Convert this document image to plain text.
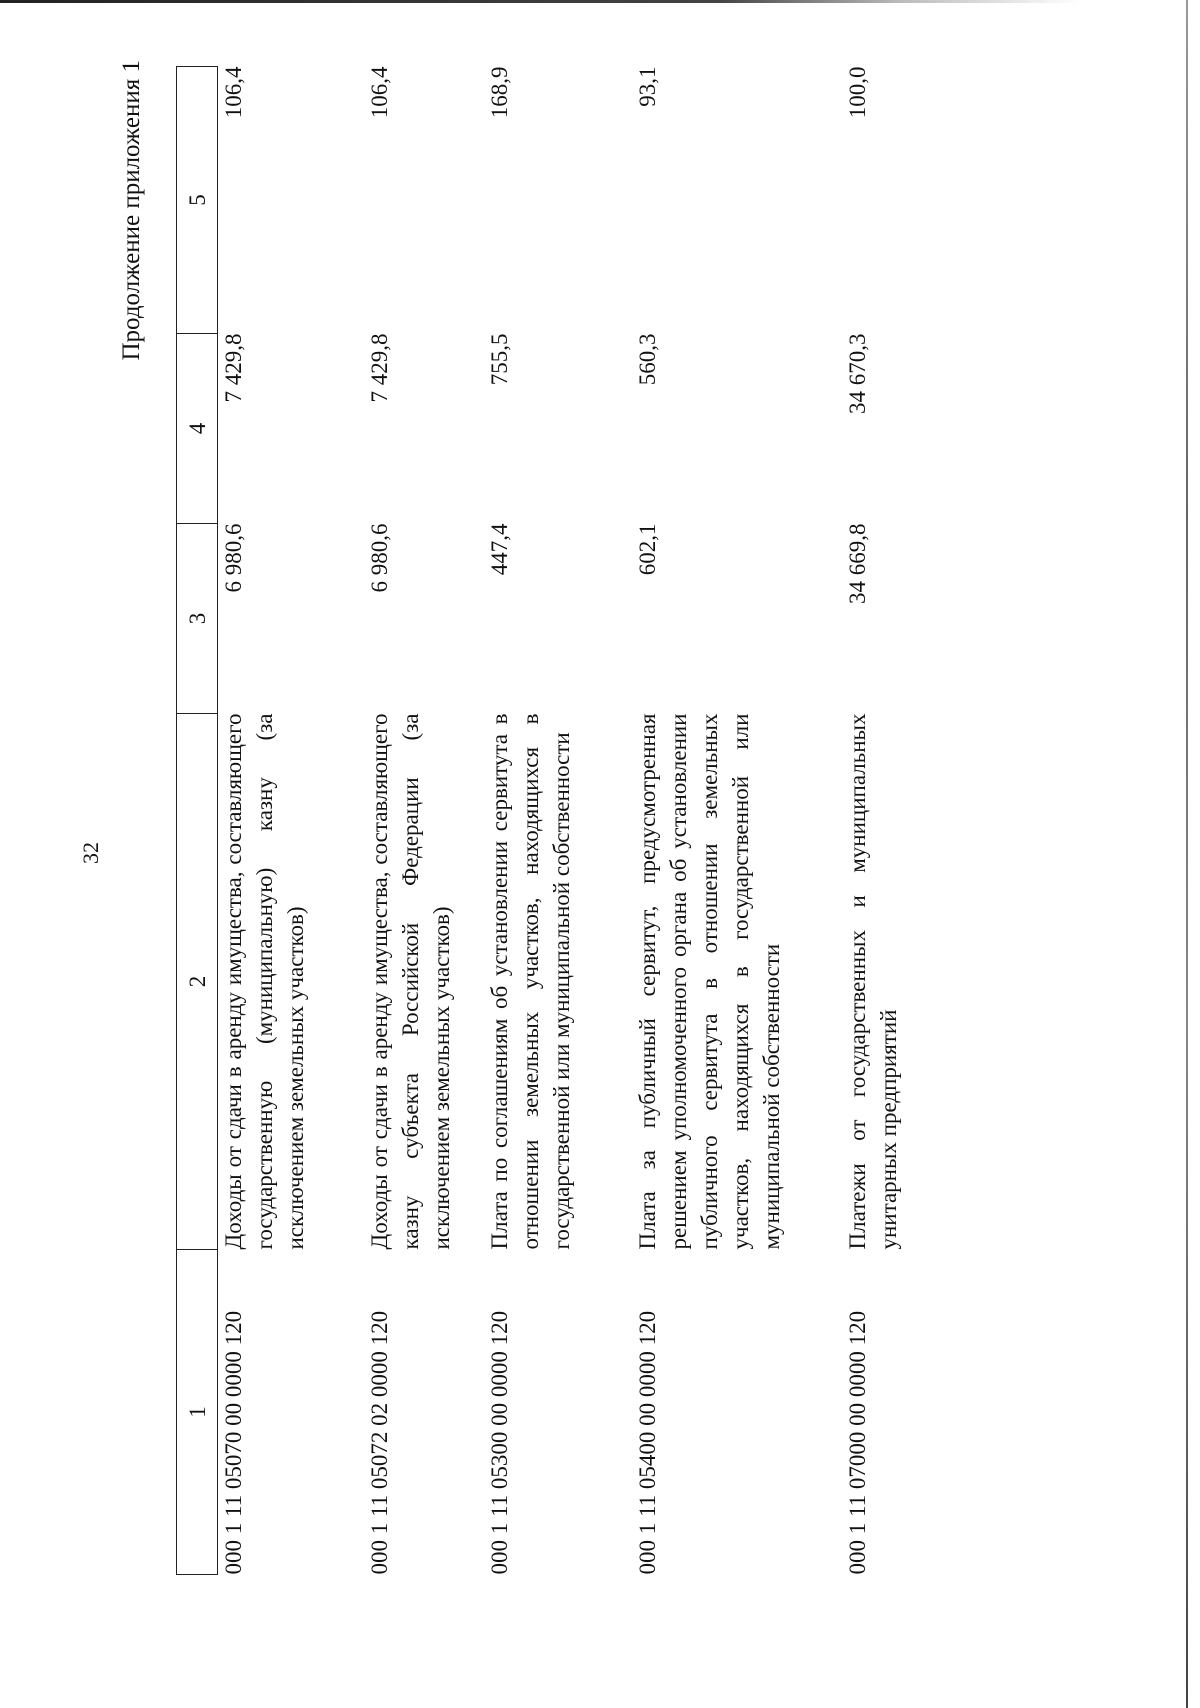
32
Продолжение приложения 1
1	2	3	4	5
000 1 11 05070 00 0000 120	Доходы от сдачи в аренду имущества, составляющего государственную (муниципальную) казну (за исключением земельных участков)	6 980,6	7 429,8	106,4
000 1 11 05072 02 0000 120	Доходы от сдачи в аренду имущества, составляющего казну субъекта Российской Федерации (за исключением земельных участков)	6 980,6	7 429,8	106,4
000 1 11 05300 00 0000 120	Плата по соглашениям об установлении сервитута в отношении земельных участков, находящихся в государственной или муниципальной собственности	447,4	755,5	168,9
000 1 11 05400 00 0000 120	Плата за публичный сервитут, предусмотренная решением уполномоченного органа об установлении публичного сервитута в отношении земельных участков, находящихся в государственной или муниципальной собственности	602,1	560,3	93,1
000 1 11 07000 00 0000 120	Платежи от государственных и муниципальных унитарных предприятий	34 669,8	34 670,3	100,0
